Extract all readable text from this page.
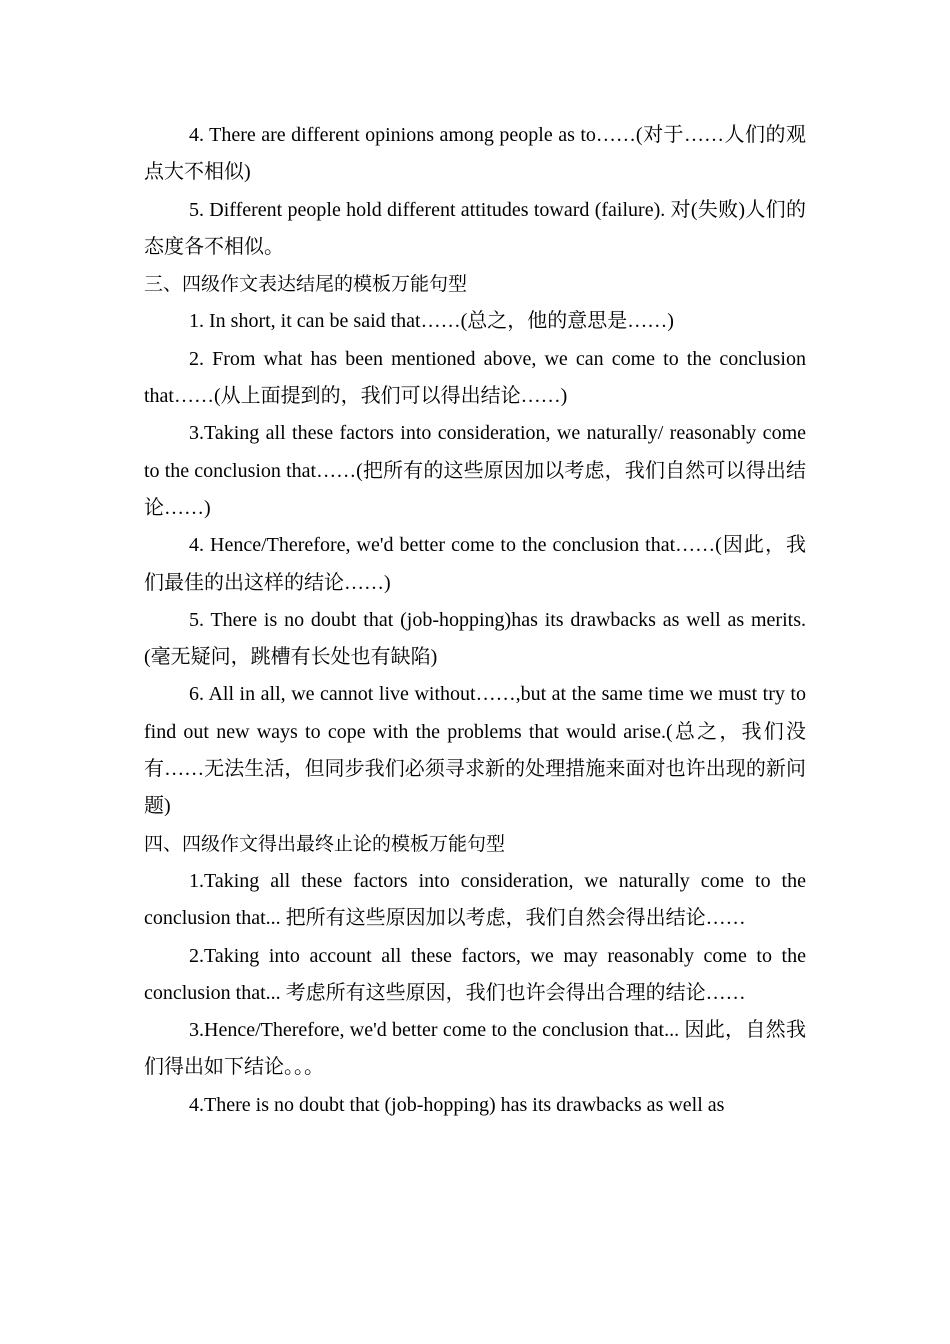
4. There are different opinions among people as to……(对于……人们的观点大不相似)

5. Different people hold different attitudes toward (failure). 对(失败)人们的态度各不相似。

三、四级作文表达结尾的模板万能句型

1. In short, it can be said that……(总之，他的意思是……)

2. From what has been mentioned above, we can come to the conclusion that……(从上面提到的，我们可以得出结论……)

3.Taking all these factors into consideration, we naturally/ reasonably come to the conclusion that……(把所有的这些原因加以考虑，我们自然可以得出结论……)

4. Hence/Therefore, we'd better come to the conclusion that……(因此，我们最佳的出这样的结论……)

5. There is no doubt that (job-hopping)has its drawbacks as well as merits.(毫无疑问，跳槽有长处也有缺陷)

6. All in all, we cannot live without……,but at the same time we must try to find out new ways to cope with the problems that would arise.(总之，我们没有……无法生活，但同步我们必须寻求新的处理措施来面对也许出现的新问题)

四、四级作文得出最终止论的模板万能句型

1.Taking all these factors into consideration, we naturally come to the conclusion that... 把所有这些原因加以考虑，我们自然会得出结论……

2.Taking into account all these factors, we may reasonably come to the conclusion that... 考虑所有这些原因，我们也许会得出合理的结论……

3.Hence/Therefore, we'd better come to the conclusion that... 因此，自然我们得出如下结论。。。

4.There is no doubt that (job-hopping) has its drawbacks as well as
